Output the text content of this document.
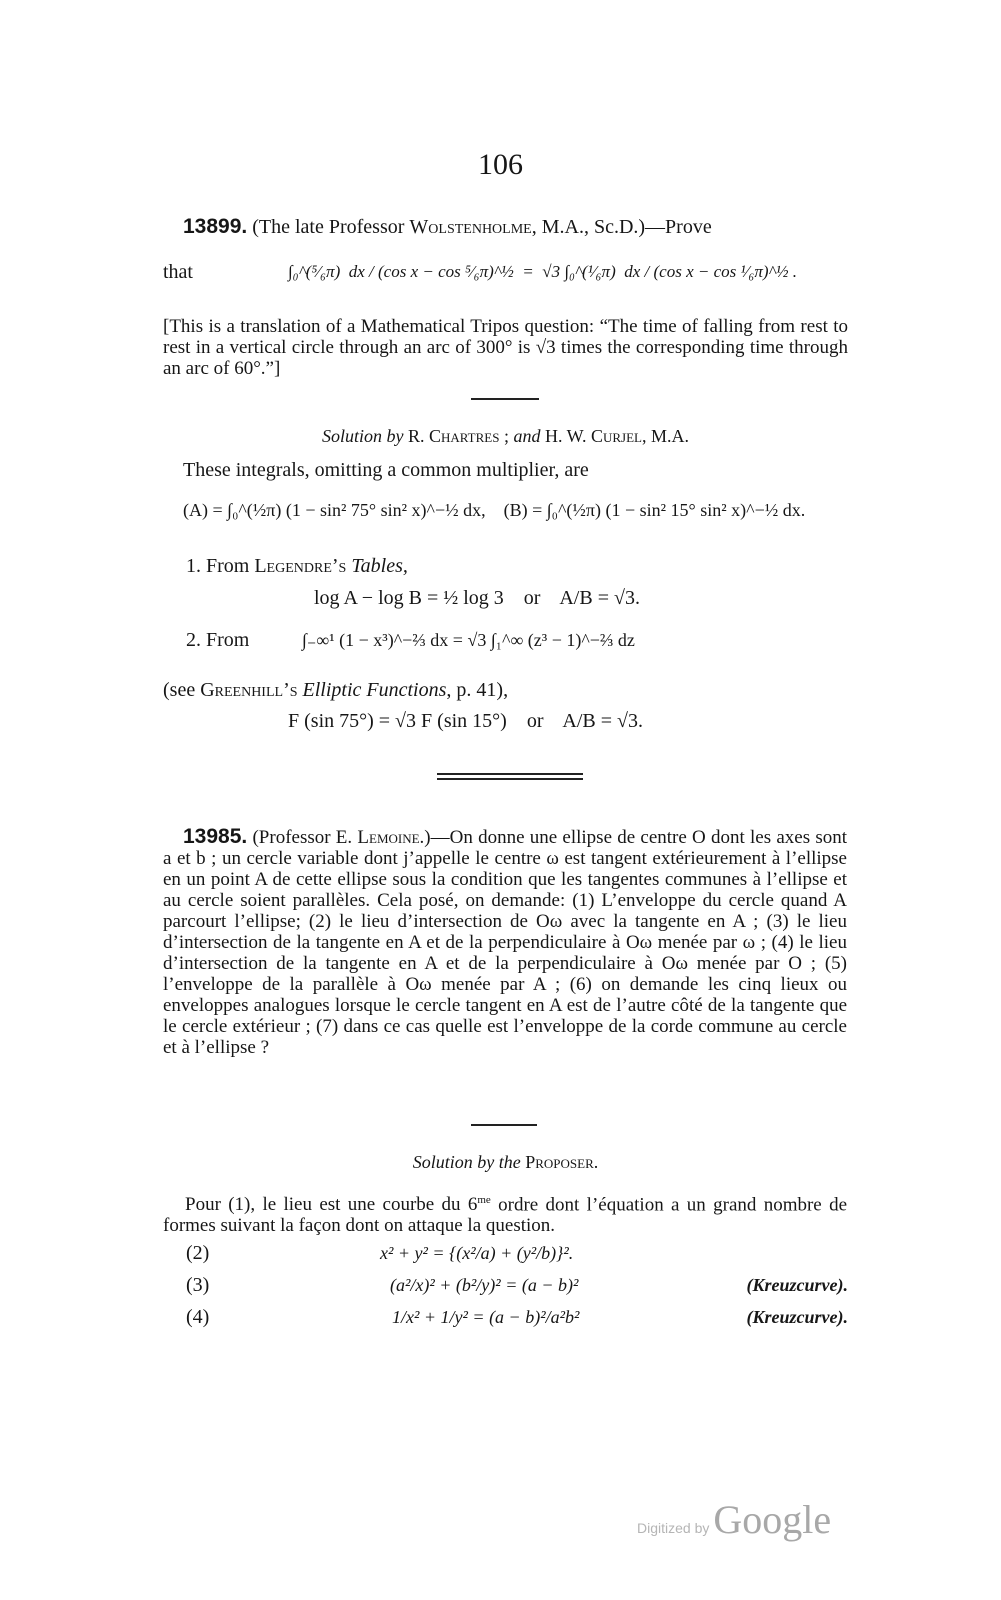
106
13899. (The late Professor Wolstenholme, M.A., Sc.D.)—Prove
that	∫₀^(⁵⁄₆π)  dx / (cos x − cos ⁵⁄₆π)^½  =  √3 ∫₀^(¹⁄₆π)  dx / (cos x − cos ¹⁄₆π)^½ .
[This is a translation of a Mathematical Tripos question: “The time of falling from rest to rest in a vertical circle through an arc of 300° is √3 times the corresponding time through an arc of 60°.”]
Solution by R. Chartres ; and H. W. Curjel, M.A.
These integrals, omitting a common multiplier, are
(A) = ∫₀^(½π) (1 − sin² 75° sin² x)^−½ dx,    (B) = ∫₀^(½π) (1 − sin² 15° sin² x)^−½ dx.
1. From Legendre’s Tables,
log A − log B = ½ log 3    or    A/B = √3.
2. From	∫₋∞¹ (1 − x³)^−⅔ dx = √3 ∫₁^∞ (z³ − 1)^−⅔ dz
(see Greenhill’s Elliptic Functions, p. 41),
F (sin 75°) = √3 F (sin 15°)    or    A/B = √3.
13985. (Professor E. Lemoine.)—On donne une ellipse de centre O dont les axes sont a et b ; un cercle variable dont j’appelle le centre ω est tangent extérieurement à l’ellipse en un point A de cette ellipse sous la condition que les tangentes communes à l’ellipse et au cercle soient parallèles. Cela posé, on demande: (1) L’enveloppe du cercle quand A parcourt l’ellipse; (2) le lieu d’intersection de Oω avec la tangente en A ; (3) le lieu d’intersection de la tangente en A et de la perpendiculaire à Oω menée par ω ; (4) le lieu d’intersection de la tangente en A et de la perpendiculaire à Oω menée par O ; (5) l’enveloppe de la parallèle à Oω menée par A ; (6) on demande les cinq lieux ou enveloppes analogues lorsque le cercle tangent en A est de l’autre côté de la tangente que le cercle extérieur ; (7) dans ce cas quelle est l’enveloppe de la corde commune au cercle et à l’ellipse ?
Solution by the Proposer.
Pour (1), le lieu est une courbe du $6^{me}$ ordre dont l’équation a un grand nombre de formes suivant la façon dont on attaque la question.
(2)	x² + y² = {(x²/a) + (y²/b)}².
(3)	(a²/x)² + (b²/y)² = (a − b)²	(Kreuzcurve).
(4)	1/x² + 1/y² = (a − b)²/a²b²	(Kreuzcurve).
Digitized by Google
